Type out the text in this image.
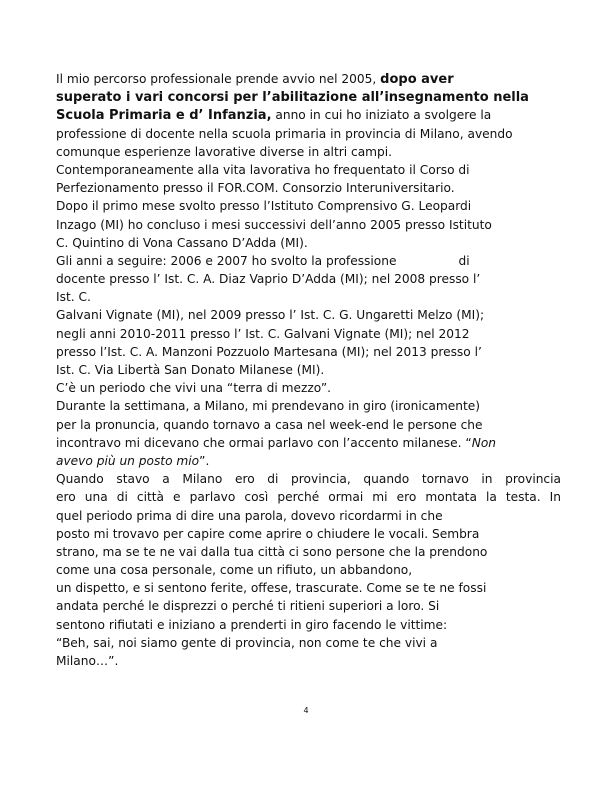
Il mio percorso professionale prende avvio nel 2005, dopo aver
superato i vari concorsi per l’abilitazione all’insegnamento nella
Scuola Primaria e d’ Infanzia, anno in cui ho iniziato a svolgere la
professione di docente nella scuola primaria in provincia di Milano, avendo
comunque esperienze lavorative diverse in altri campi.
Contemporaneamente alla vita lavorativa ho frequentato il Corso di
Perfezionamento presso il FOR.COM. Consorzio Interuniversitario.
Dopo il primo mese svolto presso l’Istituto Comprensivo G. Leopardi
Inzago (MI) ho concluso i mesi successivi dell’anno 2005 presso Istituto
C. Quintino di Vona Cassano D’Adda (MI).
Gli anni a seguire: 2006 e 2007 ho svolto la professione	di
docente presso l’ Ist. C. A. Diaz Vaprio D’Adda (MI); nel 2008 presso l’
Ist. C.
Galvani Vignate (MI), nel 2009 presso l’ Ist. C. G. Ungaretti Melzo (MI);
negli anni 2010-2011 presso l’ Ist. C. Galvani Vignate (MI); nel 2012
presso l’Ist. C. A. Manzoni Pozzuolo Martesana (MI); nel 2013 presso l’
Ist. C. Via Libertà San Donato Milanese (MI).
C’è un periodo che vivi una “terra di mezzo”.
Durante la settimana, a Milano, mi prendevano in giro (ironicamente)
per la pronuncia, quando tornavo a casa nel week-end le persone che
incontravo mi dicevano che ormai parlavo con l’accento milanese. “Non
avevo più un posto mio”.
Quando stavo a Milano ero di provincia, quando tornavo in provincia
ero una di città e parlavo così perché ormai mi ero montata la testa. In
quel periodo prima di dire una parola, dovevo ricordarmi in che
posto mi trovavo per capire come aprire o chiudere le vocali. Sembra
strano, ma se te ne vai dalla tua città ci sono persone che la prendono
come una cosa personale, come un rifiuto, un abbandono,
un dispetto, e si sentono ferite, offese, trascurate. Come se te ne fossi
andata perché le disprezzi o perché ti ritieni superiori a loro. Si
sentono rifiutati e iniziano a prenderti in giro facendo le vittime:
“Beh, sai, noi siamo gente di provincia, non come te che vivi a
Milano…”.
4
